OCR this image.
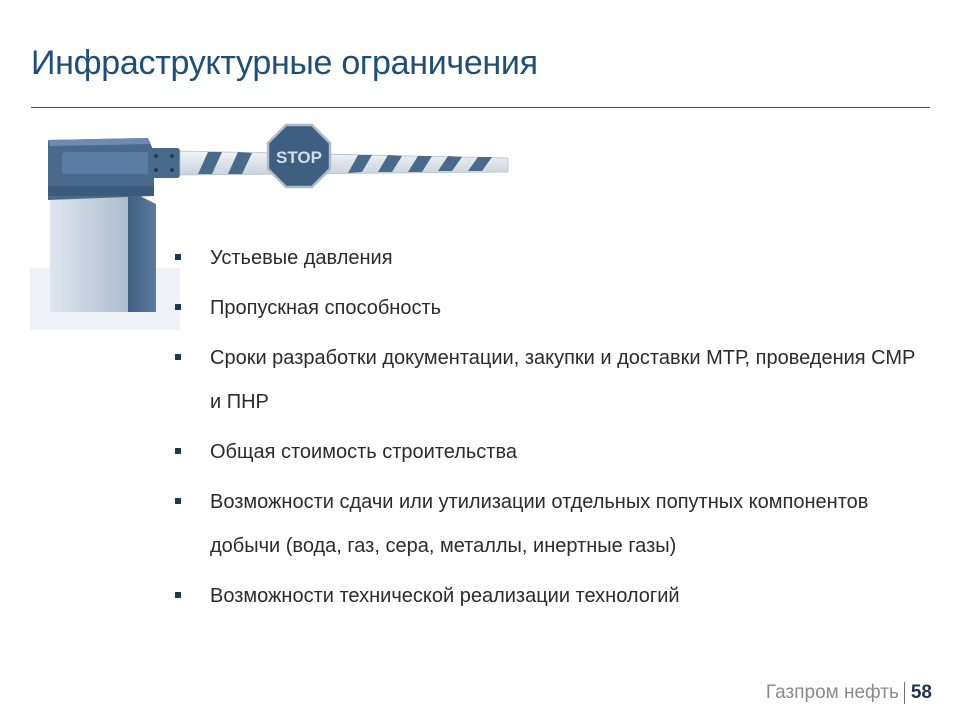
Инфраструктурные ограничения
STOP
Устьевые давления
Пропускная способность
Сроки разработки документации, закупки и доставки МТР, проведения СМР и ПНР
Общая стоимость строительства
Возможности сдачи или утилизации отдельных попутных компонентов добычи (вода, газ, сера, металлы, инертные газы)
Возможности технической реализации технологий
Газпром нефть 58
